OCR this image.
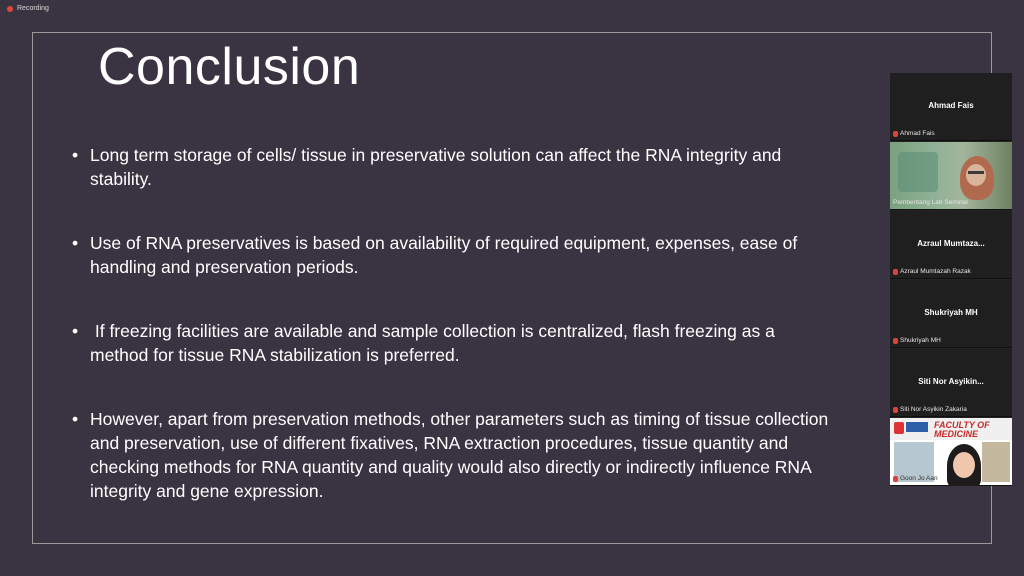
Recording
Conclusion
• Long term storage of cells/ tissue in preservative solution can affect the RNA integrity and
stability.
• Use of RNA preservatives is based on availability of required equipment, expenses, ease of
handling and preservation periods.
• If freezing facilities are available and sample collection is centralized, flash freezing as a
method for tissue RNA stabilization is preferred.
• However, apart from preservation methods, other parameters such as timing of tissue collection
and preservation, use of different fixatives, RNA extraction procedures, tissue quantity and
checking methods for RNA quantity and quality would also directly or indirectly influence RNA
integrity and gene expression.
Ahmad Fais
Ahmad Fais
Pembentang Lab Seminar
Azraul Mumtaza...
Azraul Mumtazah Razak
Shukriyah MH
Shukriyah MH
Siti Nor Asyikin...
Siti Nor Asyikin Zakaria
FACULTY OF MEDICINE
Goon Jo Aan
